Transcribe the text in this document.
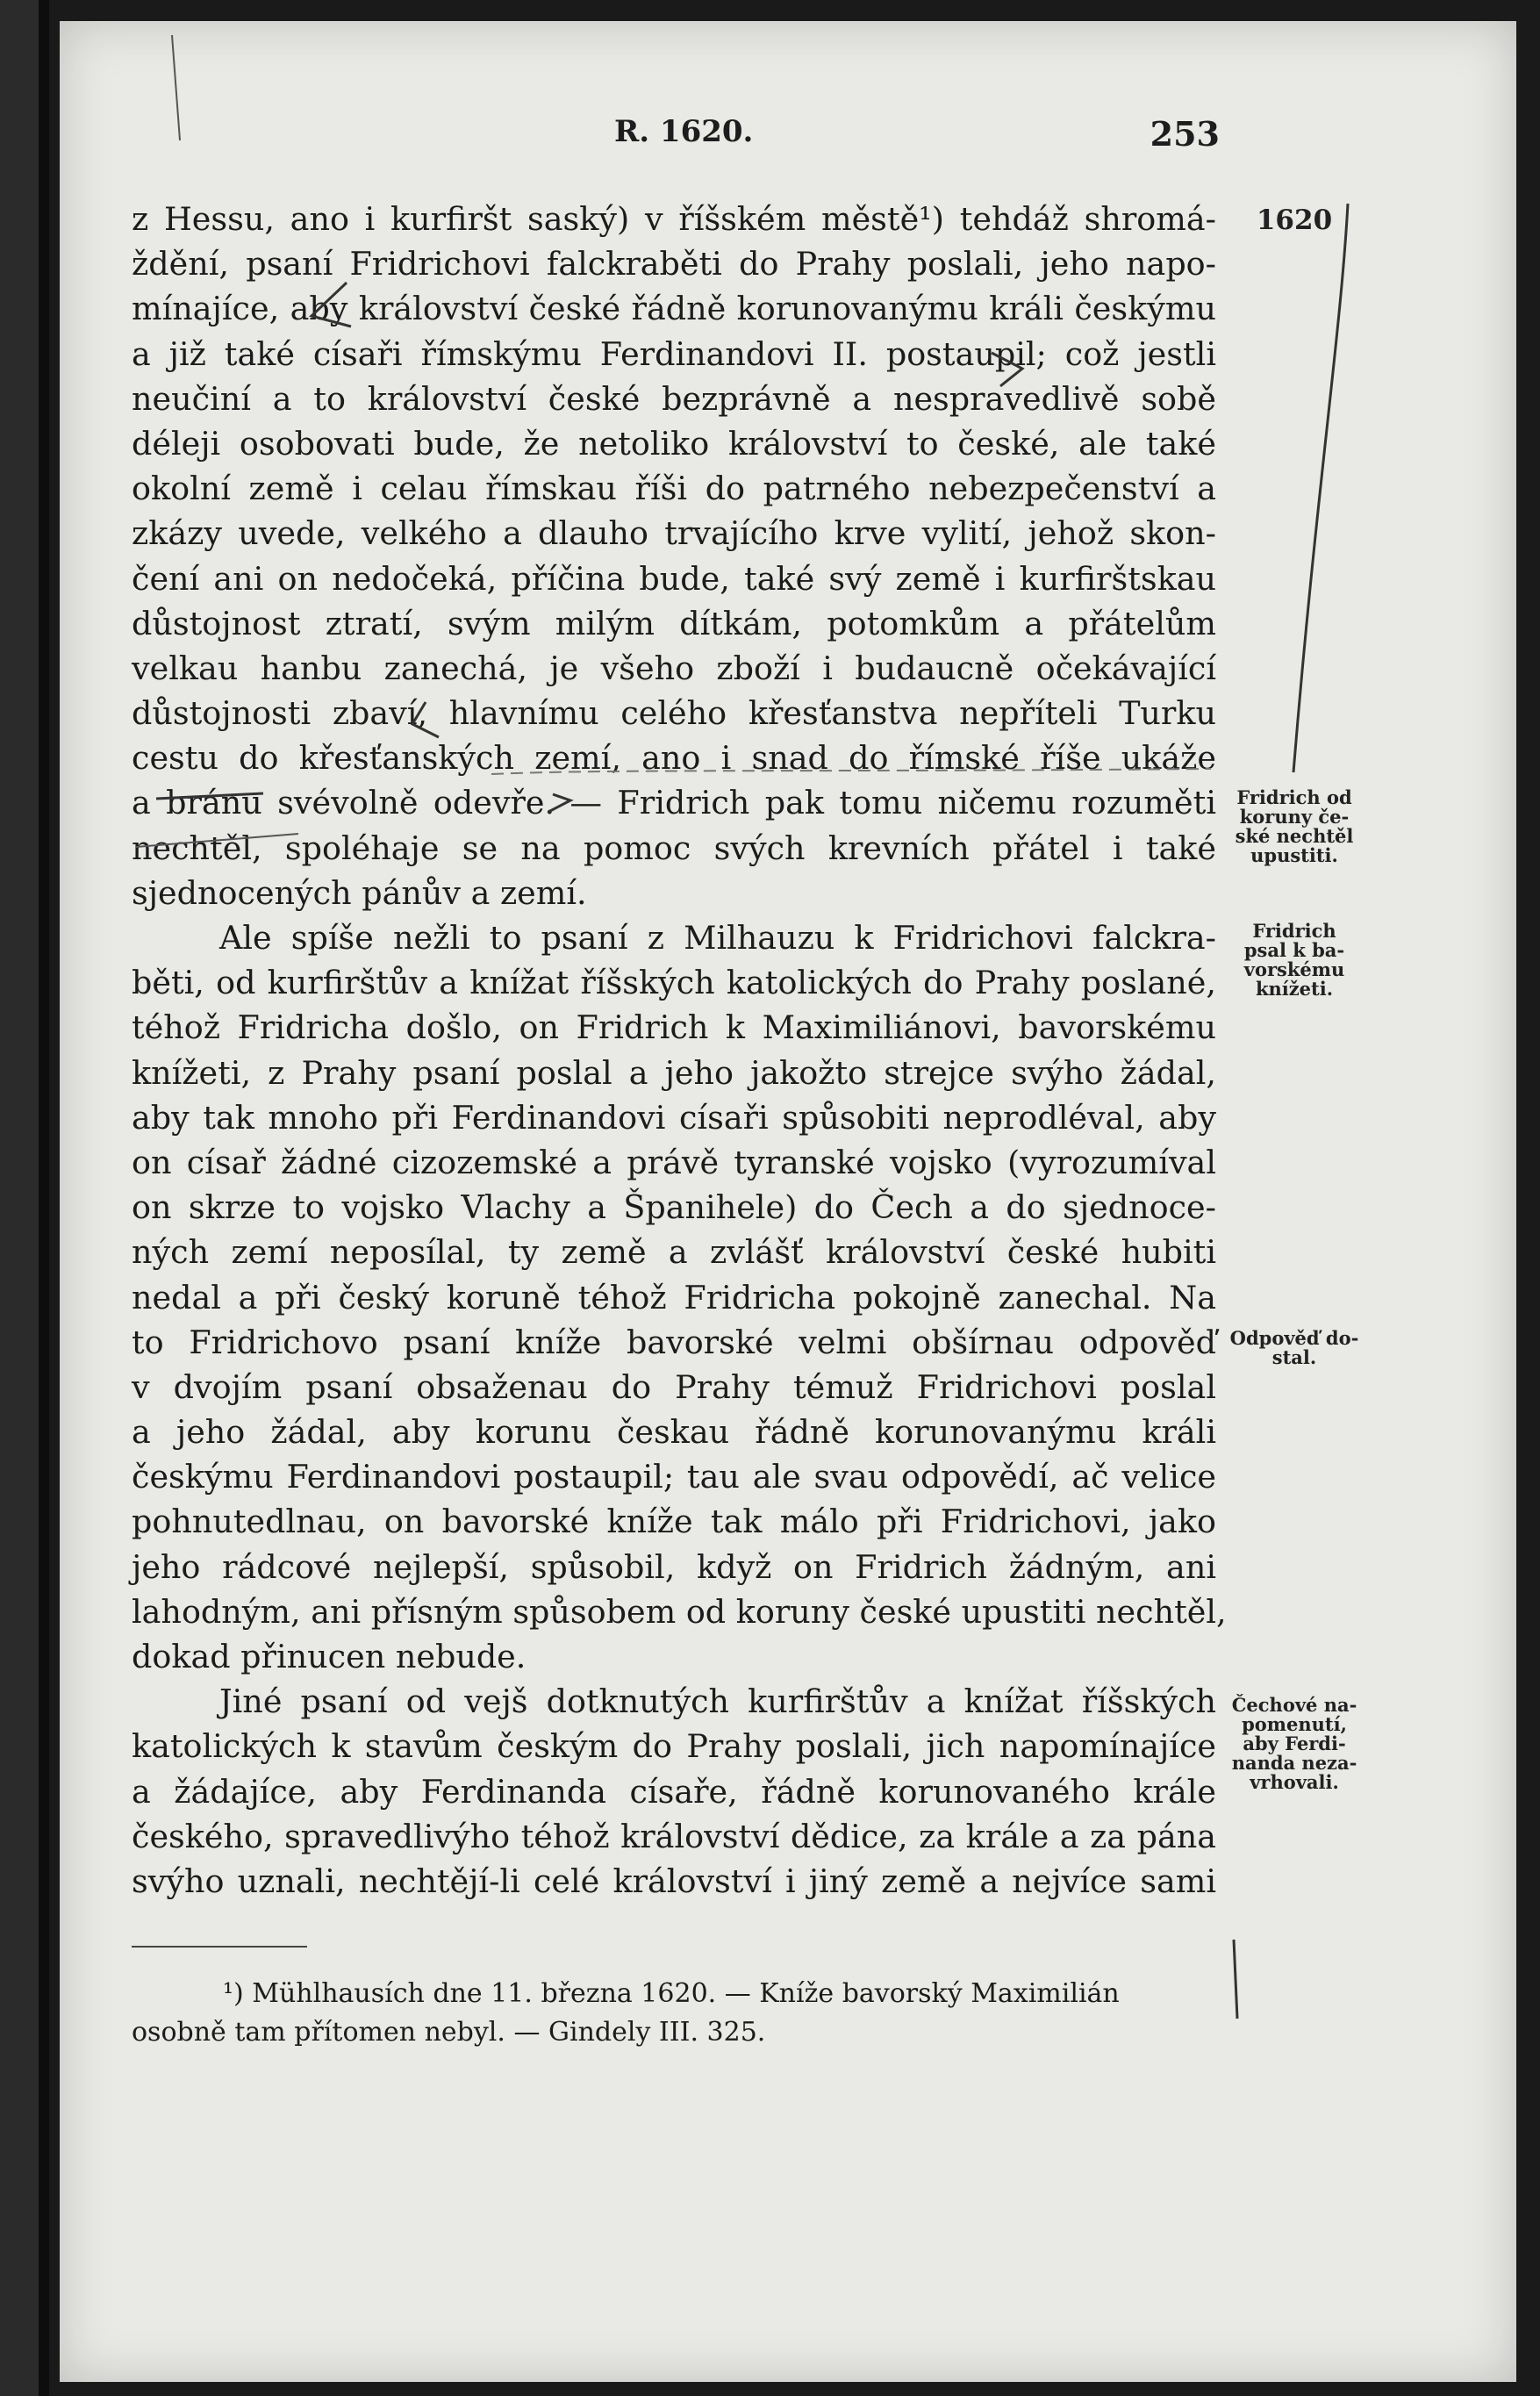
R. 1620.	253
z Hessu, ano i kurfiršt saský) v říšském městě¹) tehdáž shromá-
ždění, psaní Fridrichovi falckraběti do Prahy poslali, jeho napo-
mínajíce, aby království české řádně korunovanýmu králi českýmu
a již také císaři římskýmu Ferdinandovi II. postaupil; což jestli
neučiní a to království české bezprávně a nespravedlivě sobě
déleji osobovati bude, že netoliko království to české, ale také
okolní země i celau římskau říši do patrného nebezpečenství a
zkázy uvede, velkého a dlauho trvajícího krve vylití, jehož skon-
čení ani on nedočeká, příčina bude, také svý země i kurfirštskau
důstojnost ztratí, svým milým dítkám, potomkům a přátelům
velkau hanbu zanechá, je všeho zboží i budaucně očekávající
důstojnosti zbaví, hlavnímu celého křesťanstva nepříteli Turku
cestu do křesťanských zemí, ano i snad do římské říše ukáže
a bránu svévolně odevře. — Fridrich pak tomu ničemu rozuměti
nechtěl, spoléhaje se na pomoc svých krevních přátel i také
sjednocených pánův a zemí.
Ale spíše nežli to psaní z Milhauzu k Fridrichovi falckra-
běti, od kurfirštův a knížat říšských katolických do Prahy poslané,
téhož Fridricha došlo, on Fridrich k Maximiliánovi, bavorskému
knížeti, z Prahy psaní poslal a jeho jakožto strejce svýho žádal,
aby tak mnoho při Ferdinandovi císaři spůsobiti neprodléval, aby
on císař žádné cizozemské a právě tyranské vojsko (vyrozumíval
on skrze to vojsko Vlachy a Španihele) do Čech a do sjednoce-
ných zemí neposílal, ty země a zvlášť království české hubiti
nedal a při český koruně téhož Fridricha pokojně zanechal. Na
to Fridrichovo psaní kníže bavorské velmi obšírnau odpověď
v dvojím psaní obsaženau do Prahy témuž Fridrichovi poslal
a jeho žádal, aby korunu českau řádně korunovanýmu králi
českýmu Ferdinandovi postaupil; tau ale svau odpovědí, ač velice
pohnutedlnau, on bavorské kníže tak málo při Fridrichovi, jako
jeho rádcové nejlepší, spůsobil, když on Fridrich žádným, ani
lahodným, ani přísným spůsobem od koruny české upustiti nechtěl,
dokad přinucen nebude.
Jiné psaní od vejš dotknutých kurfirštův a knížat říšských
katolických k stavům českým do Prahy poslali, jich napomínajíce
a žádajíce, aby Ferdinanda císaře, řádně korunovaného krále
českého, spravedlivýho téhož království dědice, za krále a za pána
svýho uznali, nechtějí-li celé království i jiný země a nejvíce sami
1620
Fridrich od
koruny če-
ské nechtěl
upustiti.
Fridrich
psal k ba-
vorskému
knížeti.
Odpověď do-
stal.
Čechové na-
pomenutí,
aby Ferdi-
nanda neza-
vrhovali.
¹) Mühlhausích dne 11. března 1620. — Kníže bavorský Maximilián
osobně tam přítomen nebyl. — Gindely III. 325.
